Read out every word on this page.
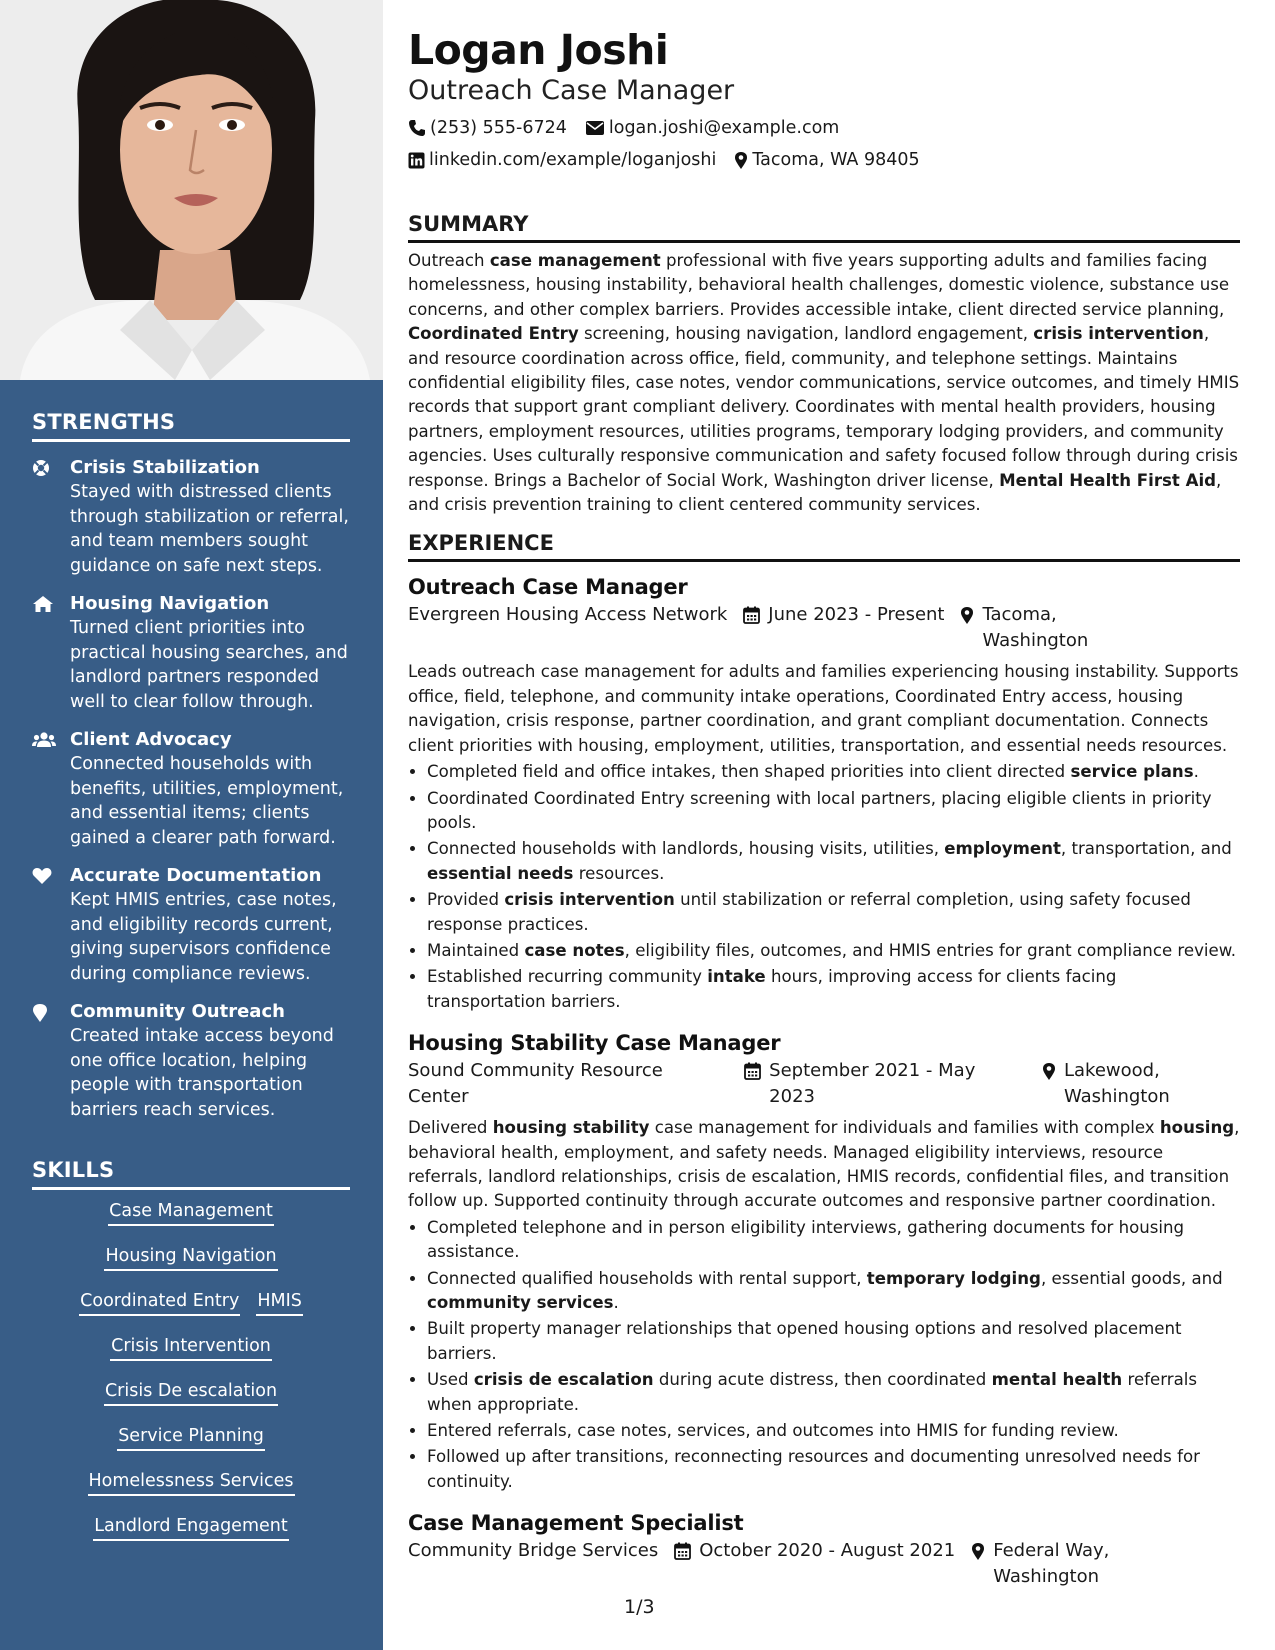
STRENGTHS
Crisis Stabilization
Stayed with distressed clients through stabilization or referral, and team members sought guidance on safe next steps.
Housing Navigation
Turned client priorities into practical housing searches, and landlord partners responded well to clear follow through.
Client Advocacy
Connected households with benefits, utilities, employment, and essential items; clients gained a clearer path forward.
Accurate Documentation
Kept HMIS entries, case notes, and eligibility records current, giving supervisors confidence during compliance reviews.
Community Outreach
Created intake access beyond one office location, helping people with transportation barriers reach services.
SKILLS
Case Management
Housing Navigation
Coordinated Entry HMIS
Crisis Intervention
Crisis De escalation
Service Planning
Homelessness Services
Landlord Engagement
Logan Joshi
Outreach Case Manager
(253) 555-6724 logan.joshi@example.com
linkedin.com/example/loganjoshi Tacoma, WA 98405
SUMMARY
Outreach case management professional with five years supporting adults and families facing homelessness, housing instability, behavioral health challenges, domestic violence, substance use concerns, and other complex barriers. Provides accessible intake, client directed service planning, Coordinated Entry screening, housing navigation, landlord engagement, crisis intervention, and resource coordination across office, field, community, and telephone settings. Maintains confidential eligibility files, case notes, vendor communications, service outcomes, and timely HMIS records that support grant compliant delivery. Coordinates with mental health providers, housing partners, employment resources, utilities programs, temporary lodging providers, and community agencies. Uses culturally responsive communication and safety focused follow through during crisis response. Brings a Bachelor of Social Work, Washington driver license, Mental Health First Aid, and crisis prevention training to client centered community services.
EXPERIENCE
Outreach Case Manager
Evergreen Housing Access Network June 2023 - Present Tacoma, Washington
Leads outreach case management for adults and families experiencing housing instability. Supports office, field, telephone, and community intake operations, Coordinated Entry access, housing navigation, crisis response, partner coordination, and grant compliant documentation. Connects client priorities with housing, employment, utilities, transportation, and essential needs resources.
• Completed field and office intakes, then shaped priorities into client directed service plans.
• Coordinated Coordinated Entry screening with local partners, placing eligible clients in priority pools.
• Connected households with landlords, housing visits, utilities, employment, transportation, and essential needs resources.
• Provided crisis intervention until stabilization or referral completion, using safety focused response practices.
• Maintained case notes, eligibility files, outcomes, and HMIS entries for grant compliance review.
• Established recurring community intake hours, improving access for clients facing transportation barriers.
Housing Stability Case Manager
Sound Community Resource Center
September 2021 - May 2023
Lakewood, Washington
Delivered housing stability case management for individuals and families with complex housing, behavioral health, employment, and safety needs. Managed eligibility interviews, resource referrals, landlord relationships, crisis de escalation, HMIS records, confidential files, and transition follow up. Supported continuity through accurate outcomes and responsive partner coordination.
• Completed telephone and in person eligibility interviews, gathering documents for housing assistance.
• Connected qualified households with rental support, temporary lodging, essential goods, and community services.
• Built property manager relationships that opened housing options and resolved placement barriers.
• Used crisis de escalation during acute distress, then coordinated mental health referrals when appropriate.
• Entered referrals, case notes, services, and outcomes into HMIS for funding review.
• Followed up after transitions, reconnecting resources and documenting unresolved needs for continuity.
Case Management Specialist
Community Bridge Services October 2020 - August 2021 Federal Way, Washington
1/3
